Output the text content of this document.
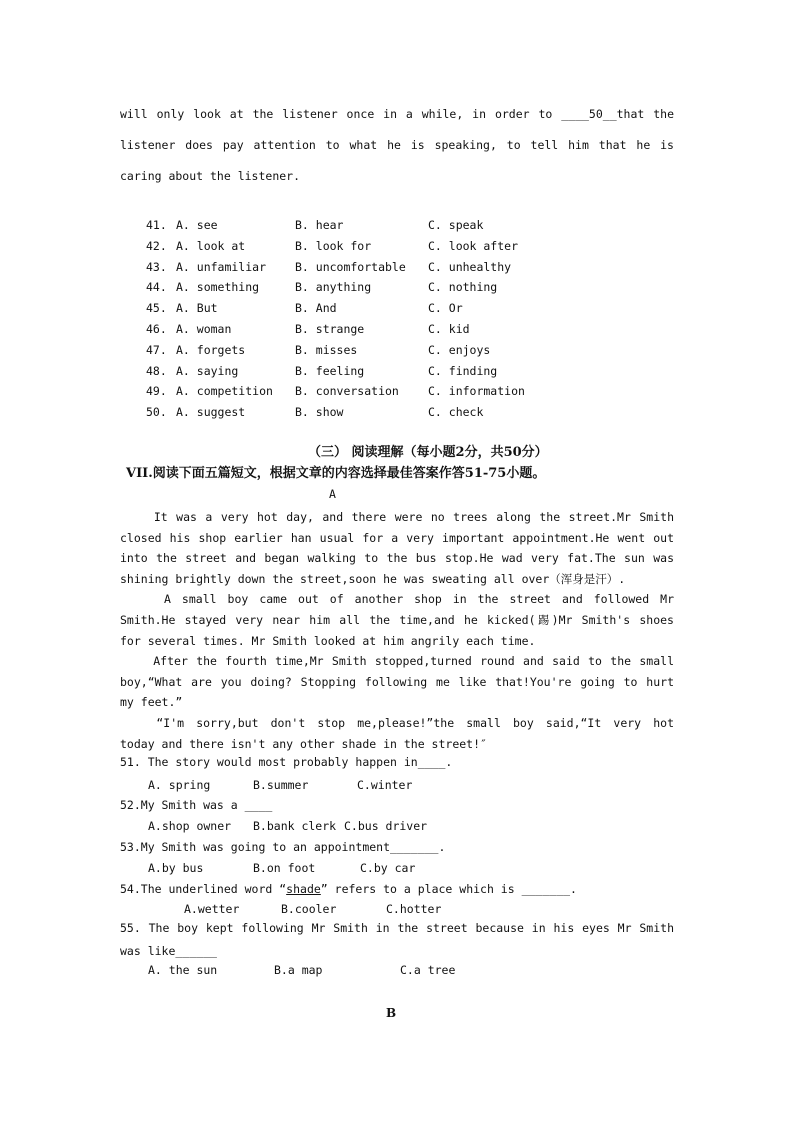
will only look at the listener once in a while, in order to ____50__that the
listener does pay attention to what he is speaking, to tell him that he is
caring about the listener.
41. A. see	B. hear	C. speak
42. A. look at	B. look for	C. look after
43. A. unfamiliar	B. uncomfortable C. unhealthy
44. A. something	B. anything	C. nothing
45. A. But	B. And	C. Or
46. A. woman	B. strange	C. kid
47. A. forgets	B. misses	C. enjoys
48. A. saying	B. feeling	C. finding
49. A. competition B. conversation	C. information
50. A. suggest	B. show	C. check
（三） 阅读理解（每小题2分，共50分）
VII.阅读下面五篇短文，根据文章的内容选择最佳答案作答51-75小题。
A
It was a very hot day, and there were no trees along the street.Mr Smith
closed his shop earlier han usual for a very important appointment.He went out
into the street and began walking to the bus stop.He wad very fat.The sun was
shining brightly down the street,soon he was sweating all over（浑身是汗）.
A small boy came out of another shop in the street and followed Mr
Smith.He stayed very near him all the time,and he kicked(踢)Mr Smith's shoes
for several times. Mr Smith looked at him angrily each time.
After the fourth time,Mr Smith stopped,turned round and said to the small
boy,“What are you doing? Stopping following me like that!You're going to hurt
my feet.”
“I'm sorry,but don't stop me,please!”the small boy said,“It very hot
today and there isn't any other shade in the street!″
51. The story would most probably happen in____.
A. spring	B.summer	C.winter
52.My Smith was a ____
A.shop owner B.bank clerk C.bus driver
53.My Smith was going to an appointment_______.
A.by bus	B.on foot	C.by car
54.The underlined word “shade” refers to a place which is _______.
A.wetter	B.cooler	C.hotter
55. The boy kept following Mr Smith in the street because in his eyes Mr Smith
was like______
A. the sun	B.a map	C.a tree
B
